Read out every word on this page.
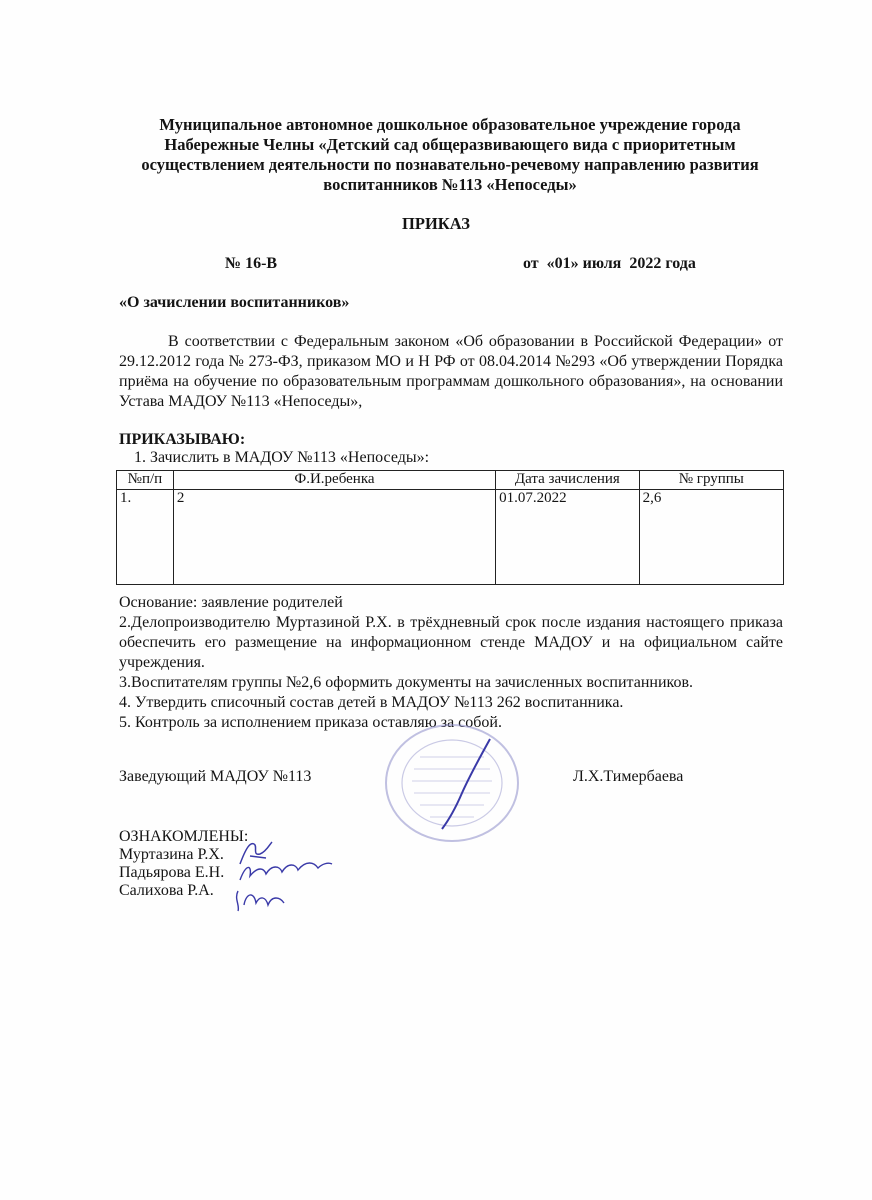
Муниципальное автономное дошкольное образовательное учреждение города
Набережные Челны «Детский сад общеразвивающего вида с приоритетным
осуществлением деятельности по познавательно-речевому направлению развития
воспитанников №113 «Непоседы»
ПРИКАЗ
№ 16-В	от  «01» июля  2022 года
«О зачислении воспитанников»
В соответствии с Федеральным законом «Об образовании в Российской Федерации» от 29.12.2012 года № 273-ФЗ, приказом МО и Н РФ от 08.04.2014 №293 «Об утверждении Порядка приёма на обучение по образовательным программам дошкольного образования», на основании Устава МАДОУ №113 «Непоседы»,
ПРИКАЗЫВАЮ:
1. Зачислить в МАДОУ №113 «Непоседы»:
№п/п	Ф.И.ребенка	Дата зачисления	№ группы
1.	2	01.07.2022	2,6
Основание: заявление родителей
2.Делопроизводителю Муртазиной Р.Х. в трёхдневный срок после издания настоящего приказа обеспечить его размещение на информационном стенде МАДОУ и на официальном сайте учреждения.
3.Воспитателям группы №2,6 оформить документы на зачисленных воспитанников.
4. Утвердить списочный состав детей в МАДОУ №113 262 воспитанника.
5. Контроль за исполнением приказа оставляю за собой.
Заведующий МАДОУ №113	Л.Х.Тимербаева
ОЗНАКОМЛЕНЫ:
Муртазина Р.Х.
Падьярова Е.Н.
Салихова Р.А.
